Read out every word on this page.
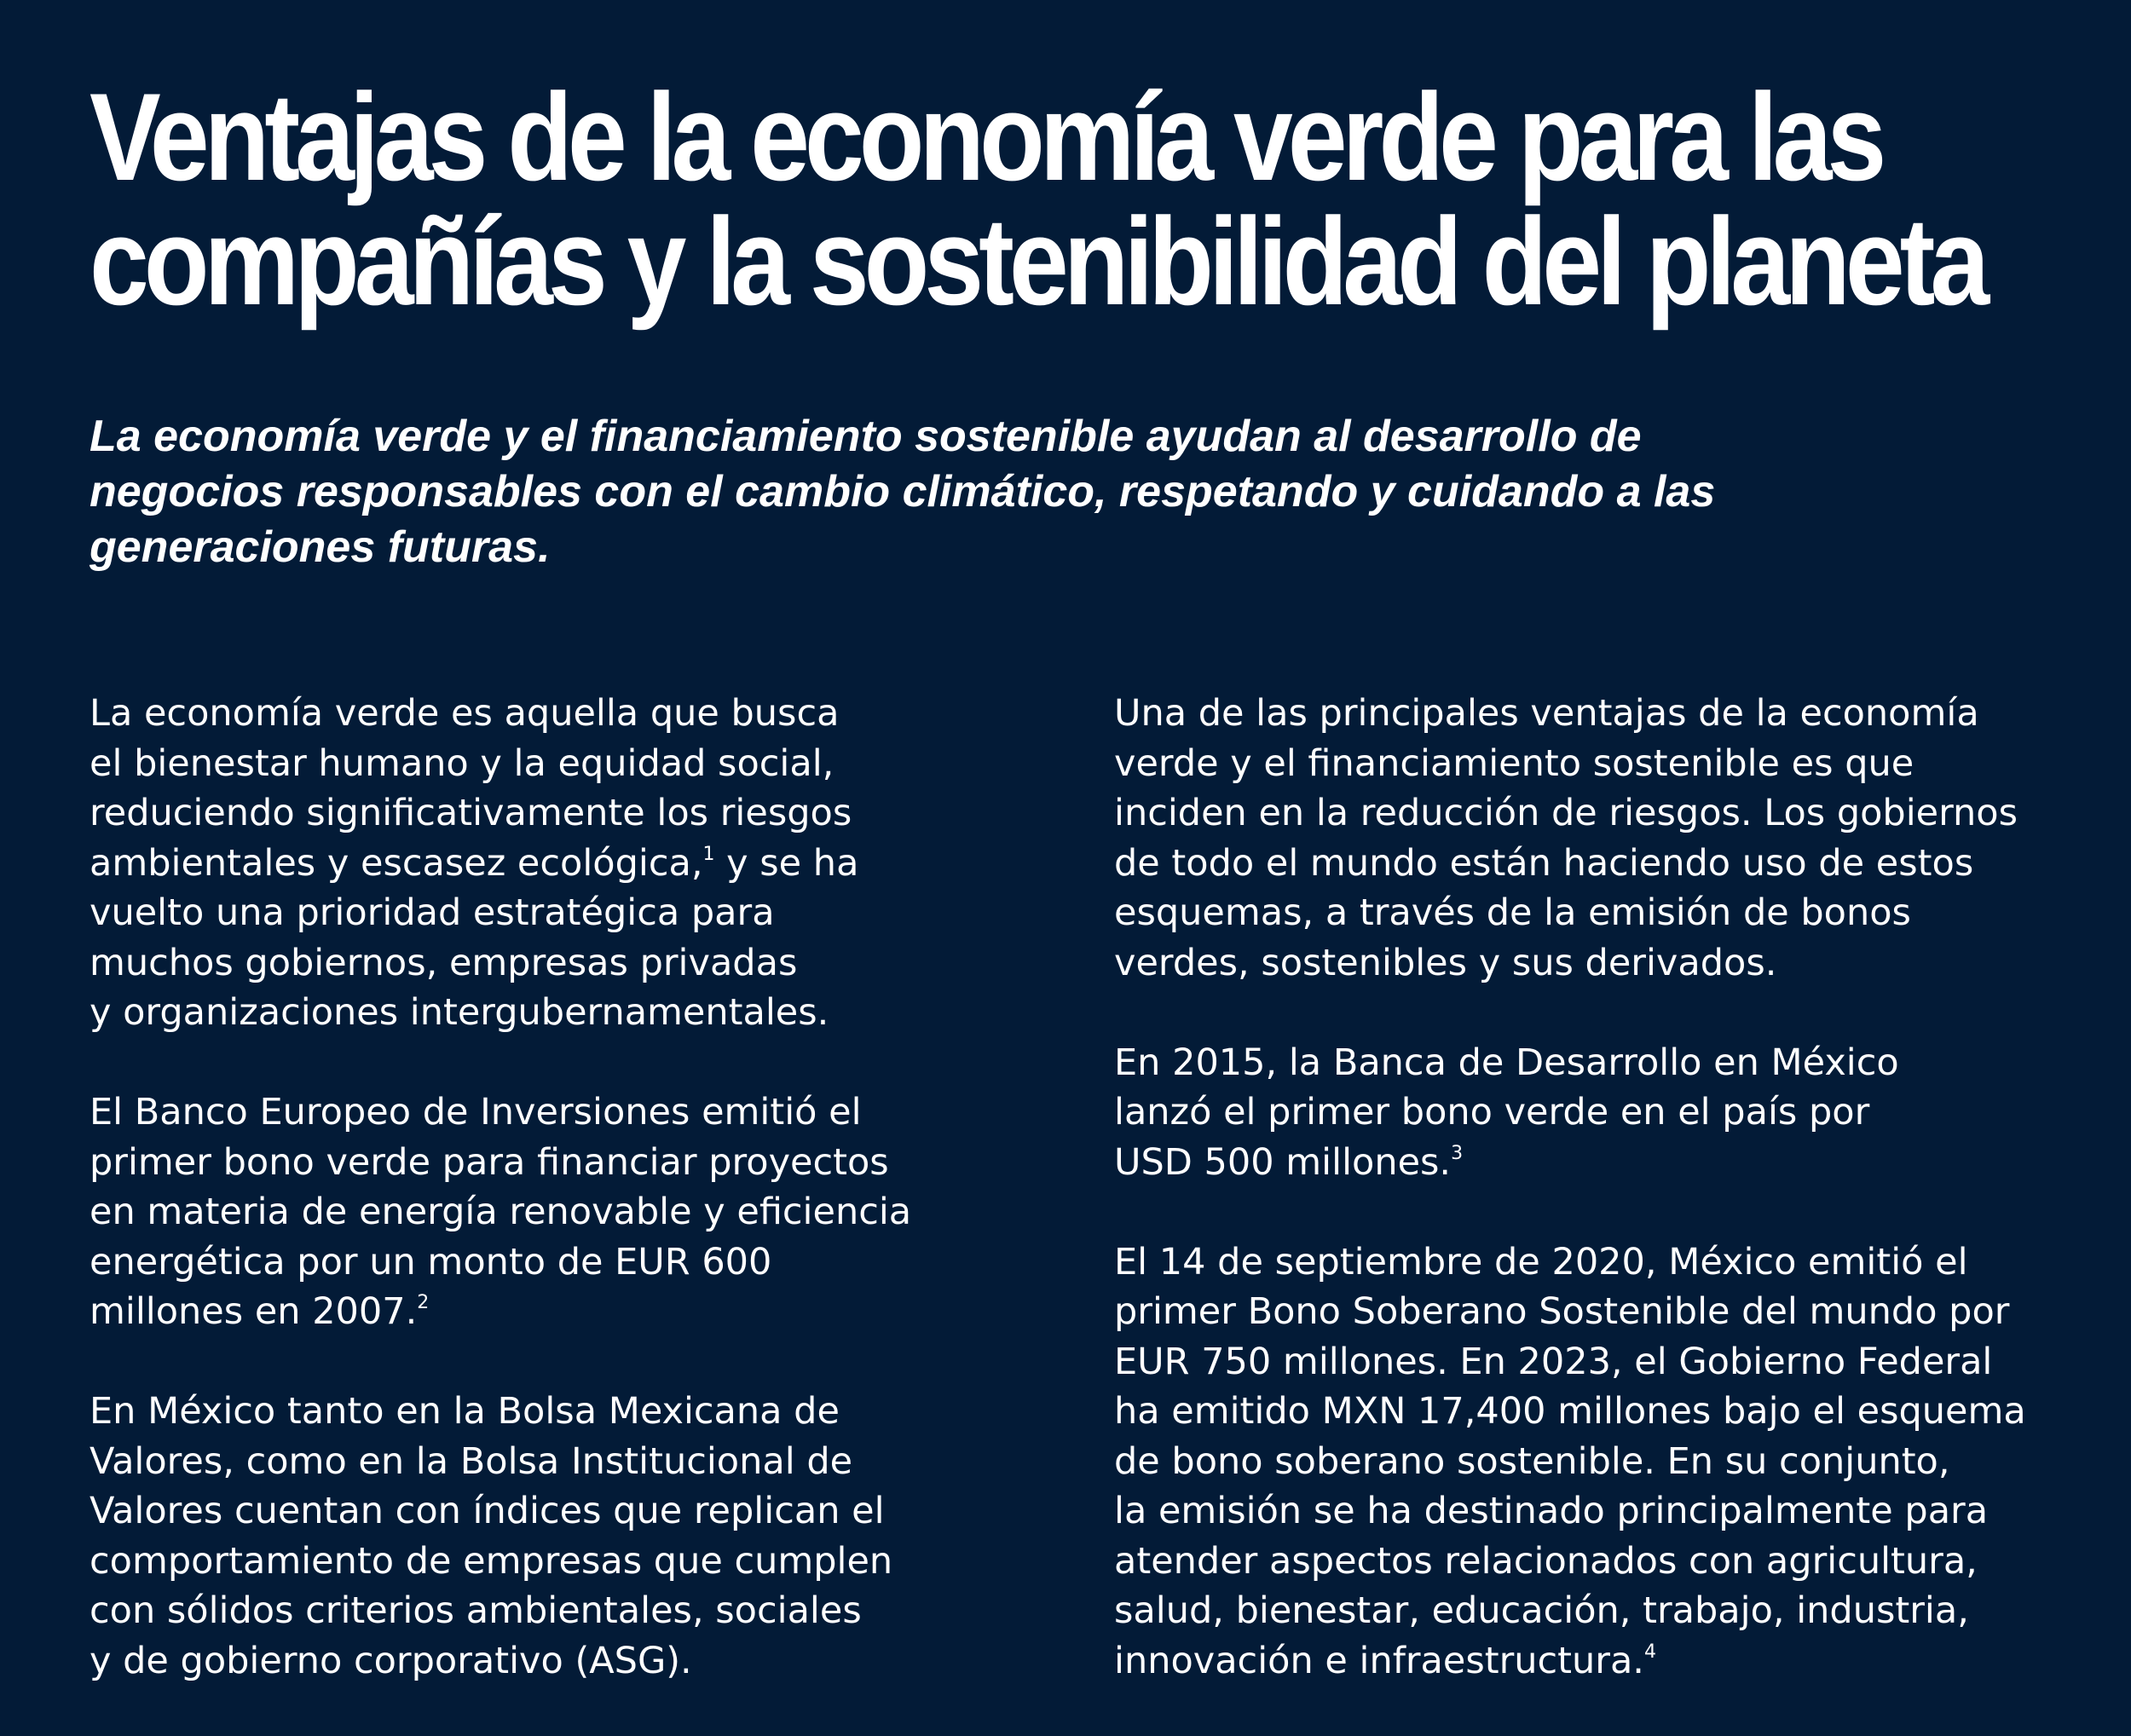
Ventajas de la economía verde para las
compañías y la sostenibilidad del planeta

La economía verde y el financiamiento sostenible ayudan al desarrollo de
negocios responsables con el cambio climático, respetando y cuidando a las
generaciones futuras.

La economía verde es aquella que busca
el bienestar humano y la equidad social,
reduciendo significativamente los riesgos
ambientales y escasez ecológica,$^1$ y se ha
vuelto una prioridad estratégica para
muchos gobiernos, empresas privadas
y organizaciones intergubernamentales.

El Banco Europeo de Inversiones emitió el
primer bono verde para financiar proyectos
en materia de energía renovable y eficiencia
energética por un monto de EUR 600
millones en 2007.$^2$

En México tanto en la Bolsa Mexicana de
Valores, como en la Bolsa Institucional de
Valores cuentan con índices que replican el
comportamiento de empresas que cumplen
con sólidos criterios ambientales, sociales
y de gobierno corporativo (ASG).

Una de las principales ventajas de la economía
verde y el financiamiento sostenible es que
inciden en la reducción de riesgos. Los gobiernos
de todo el mundo están haciendo uso de estos
esquemas, a través de la emisión de bonos
verdes, sostenibles y sus derivados.

En 2015, la Banca de Desarrollo en México
lanzó el primer bono verde en el país por
USD 500 millones.$^3$

El 14 de septiembre de 2020, México emitió el
primer Bono Soberano Sostenible del mundo por
EUR 750 millones. En 2023, el Gobierno Federal
ha emitido MXN 17,400 millones bajo el esquema
de bono soberano sostenible. En su conjunto,
la emisión se ha destinado principalmente para
atender aspectos relacionados con agricultura,
salud, bienestar, educación, trabajo, industria,
innovación e infraestructura.$^4$
